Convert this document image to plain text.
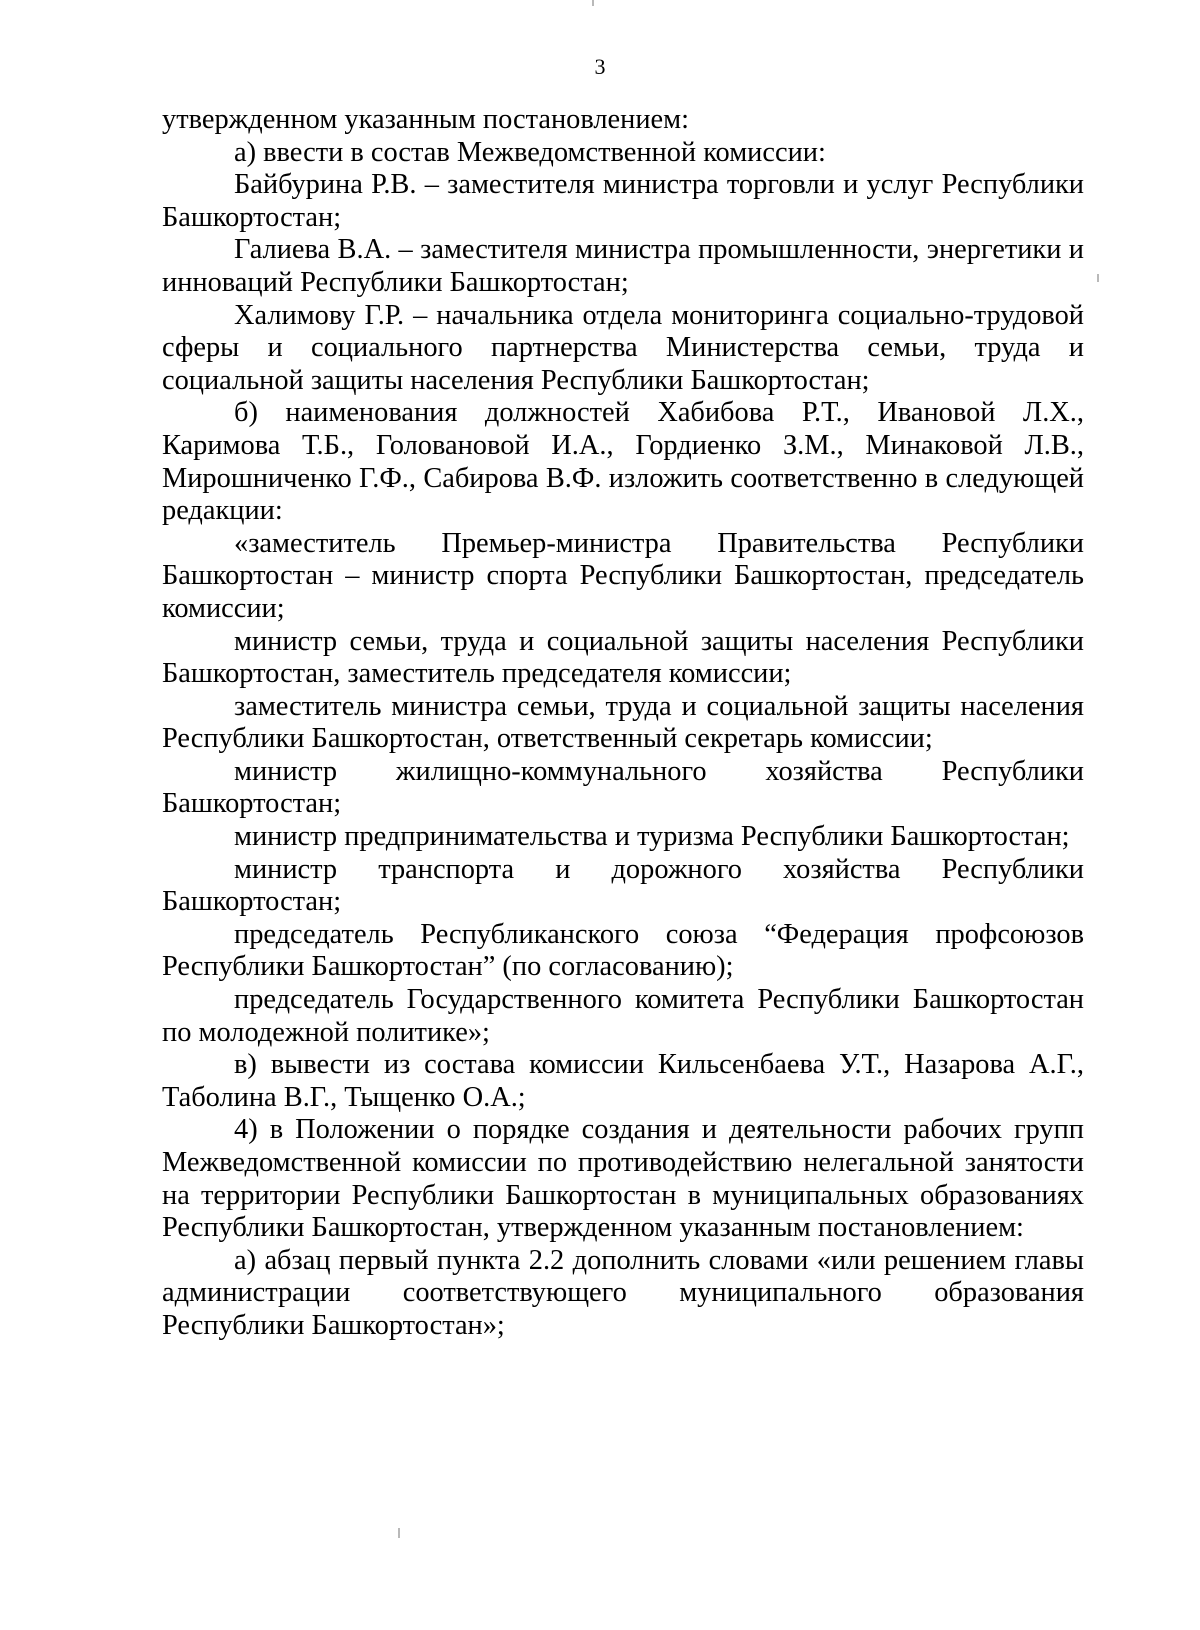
3

утвержденном указанным постановлением:

а) ввести в состав Межведомственной комиссии:

Байбурина Р.В. – заместителя министра торговли и услуг Республики Башкортостан;

Галиева В.А. – заместителя министра промышленности, энергетики и инноваций Республики Башкортостан;

Халимову Г.Р. – начальника отдела мониторинга социально-трудовой сферы и социального партнерства Министерства семьи, труда и социальной защиты населения Республики Башкортостан;

б) наименования должностей Хабибова Р.Т., Ивановой Л.Х., Каримова Т.Б., Головановой И.А., Гордиенко З.М., Минаковой Л.В., Мирошниченко Г.Ф., Сабирова В.Ф. изложить соответственно в следующей редакции:

«заместитель Премьер-министра Правительства Республики Башкортостан – министр спорта Республики Башкортостан, председатель комиссии;

министр семьи, труда и социальной защиты населения Республики Башкортостан, заместитель председателя комиссии;

заместитель министра семьи, труда и социальной защиты населения Республики Башкортостан, ответственный секретарь комиссии;

министр жилищно-коммунального хозяйства Республики Башкортостан;

министр предпринимательства и туризма Республики Башкортостан;

министр транспорта и дорожного хозяйства Республики Башкортостан;

председатель Республиканского союза “Федерация профсоюзов Республики Башкортостан” (по согласованию);

председатель Государственного комитета Республики Башкортостан по молодежной политике»;

в) вывести из состава комиссии Кильсенбаева У.Т., Назарова А.Г., Таболина В.Г., Тыщенко О.А.;

4) в Положении о порядке создания и деятельности рабочих групп Межведомственной комиссии по противодействию нелегальной занятости на территории Республики Башкортостан в муниципальных образованиях Республики Башкортостан, утвержденном указанным постановлением:

а) абзац первый пункта 2.2 дополнить словами «или решением главы администрации соответствующего муниципального образования Республики Башкортостан»;
